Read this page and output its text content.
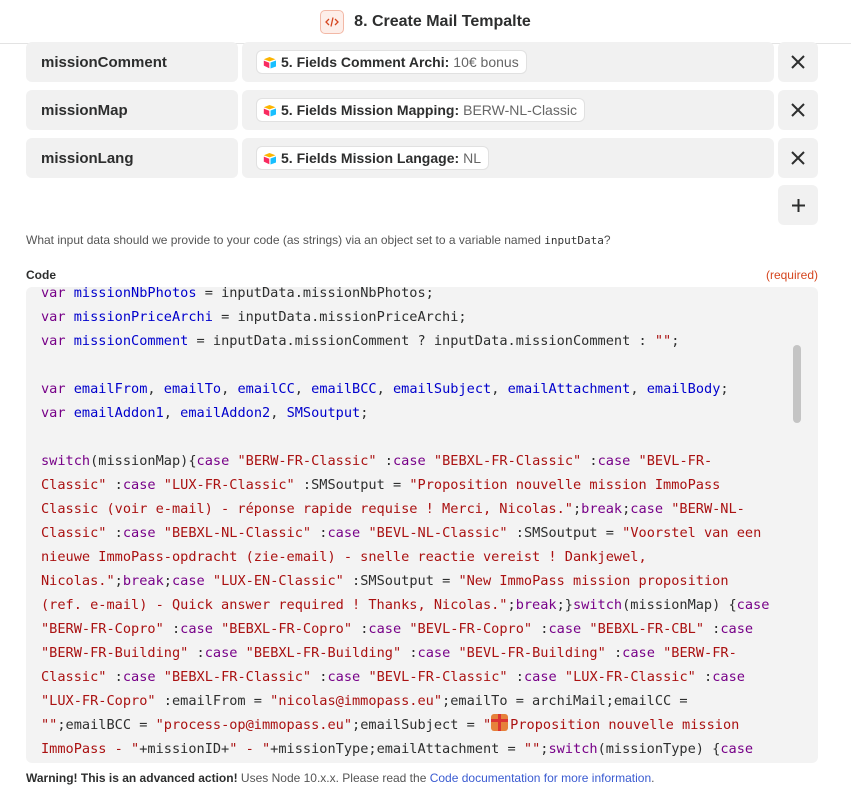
8. Create Mail Tempalte
missionComment	5. Fields Comment Archi: 10€ bonus
missionMap	5. Fields Mission Mapping: BERW-NL-Classic
missionLang	5. Fields Mission Langage: NL
What input data should we provide to your code (as strings) via an object set to a variable named inputData?
Code	(required)
var missionNbPhotos = inputData.missionNbPhotos;
var missionPriceArchi = inputData.missionPriceArchi;
var missionComment = inputData.missionComment ? inputData.missionComment : "";

var emailFrom, emailTo, emailCC, emailBCC, emailSubject, emailAttachment, emailBody;
var emailAddon1, emailAddon2, SMSoutput;

switch(missionMap){case "BERW-FR-Classic" :case "BEBXL-FR-Classic" :case "BEVL-FR-
Classic" :case "LUX-FR-Classic" :SMSoutput = "Proposition nouvelle mission ImmoPass
Classic (voir e-mail) - réponse rapide requise ! Merci, Nicolas.";break;case "BERW-NL-
Classic" :case "BEBXL-NL-Classic" :case "BEVL-NL-Classic" :SMSoutput = "Voorstel van een
nieuwe ImmoPass-opdracht (zie-email) - snelle reactie vereist ! Dankjewel,
Nicolas.";break;case "LUX-EN-Classic" :SMSoutput = "New ImmoPass mission proposition
(ref. e-mail) - Quick answer required ! Thanks, Nicolas.";break;}switch(missionMap) {case
"BERW-FR-Copro" :case "BEBXL-FR-Copro" :case "BEVL-FR-Copro" :case "BEBXL-FR-CBL" :case
"BERW-FR-Building" :case "BEBXL-FR-Building" :case "BEVL-FR-Building" :case "BERW-FR-
Classic" :case "BEBXL-FR-Classic" :case "BEVL-FR-Classic" :case "LUX-FR-Classic" :case
"LUX-FR-Copro" :emailFrom = "nicolas@immopass.eu";emailTo = archiMail;emailCC =
"";emailBCC = "process-op@immopass.eu";emailSubject = " Proposition nouvelle mission
ImmoPass - "+missionID+" - "+missionType;emailAttachment = "";switch(missionType) {case
Warning! This is an advanced action! Uses Node 10.x.x. Please read the Code documentation for more information.
